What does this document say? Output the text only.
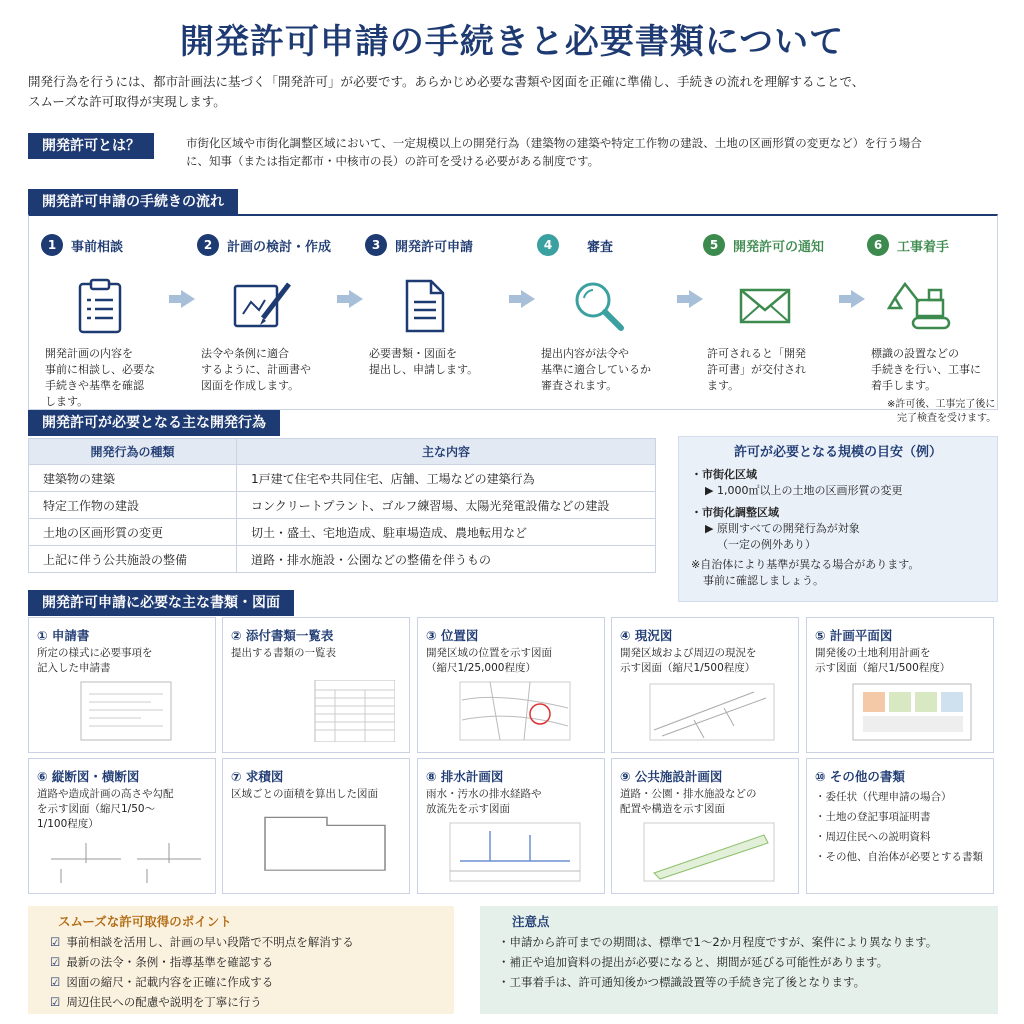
開発許可申請の手続きと必要書類について
開発行為を行うには、都市計画法に基づく「開発許可」が必要です。あらかじめ必要な書類や図面を正確に準備し、手続きの流れを理解することで、
スムーズな許可取得が実現します。
開発許可とは？	市街化区域や市街化調整区域において、一定規模以上の開発行為（建築物の建築や特定工作物の建設、土地の区画形質の変更など）を行う場合
に、知事（または指定都市・中核市の長）の許可を受ける必要がある制度です。
開発許可申請の手続きの流れ
1	事前相談
開発計画の内容を
事前に相談し、必要な
手続きや基準を確認
します。
2	計画の検討・作成
法令や条例に適合
するように、計画書や
図面を作成します。
3	開発許可申請
必要書類・図面を
提出し、申請します。
4	審査
提出内容が法令や
基準に適合しているか
審査されます。
5	開発許可の通知
許可されると「開発
許可書」が交付され
ます。
6	工事着手
標識の設置などの
手続きを行い、工事に
着手します。
※許可後、工事完了後に
完了検査を受けます。
開発許可が必要となる主な開発行為
開発行為の種類	主な内容
建築物の建築	1戸建て住宅や共同住宅、店舗、工場などの建築行為
特定工作物の建設	コンクリートプラント、ゴルフ練習場、太陽光発電設備などの建設
土地の区画形質の変更	切土・盛土、宅地造成、駐車場造成、農地転用など
上記に伴う公共施設の整備	道路・排水施設・公園などの整備を伴うもの
許可が必要となる規模の目安（例）
・市街化区域
▶ 1,000㎡以上の土地の区画形質の変更
・市街化調整区域
▶ 原則すべての開発行為が対象
（一定の例外あり）
※自治体により基準が異なる場合があります。
事前に確認しましょう。
開発許可申請に必要な主な書類・図面
① 申請書
所定の様式に必要事項を
記入した申請書
② 添付書類一覧表
提出する書類の一覧表
③ 位置図
開発区域の位置を示す図面
（縮尺1/25,000程度）
④ 現況図
開発区域および周辺の現況を
示す図面（縮尺1/500程度）
⑤ 計画平面図
開発後の土地利用計画を
示す図面（縮尺1/500程度）
⑥ 縦断図・横断図
道路や造成計画の高さや勾配
を示す図面（縮尺1/50〜
1/100程度）
⑦ 求積図
区域ごとの面積を算出した図面
⑧ 排水計画図
雨水・汚水の排水経路や
放流先を示す図面
⑨ 公共施設計画図
道路・公園・排水施設などの
配置や構造を示す図面
⑩ その他の書類
・委任状（代理申請の場合）
・土地の登記事項証明書
・周辺住民への説明資料
・その他、自治体が必要とする書類
スムーズな許可取得のポイント
☑ 事前相談を活用し、計画の早い段階で不明点を解消する
☑ 最新の法令・条例・指導基準を確認する
☑ 図面の縮尺・記載内容を正確に作成する
☑ 周辺住民への配慮や説明を丁寧に行う
注意点
・申請から許可までの期間は、標準で1〜2か月程度ですが、案件により異なります。
・補正や追加資料の提出が必要になると、期間が延びる可能性があります。
・工事着手は、許可通知後かつ標識設置等の手続き完了後となります。
